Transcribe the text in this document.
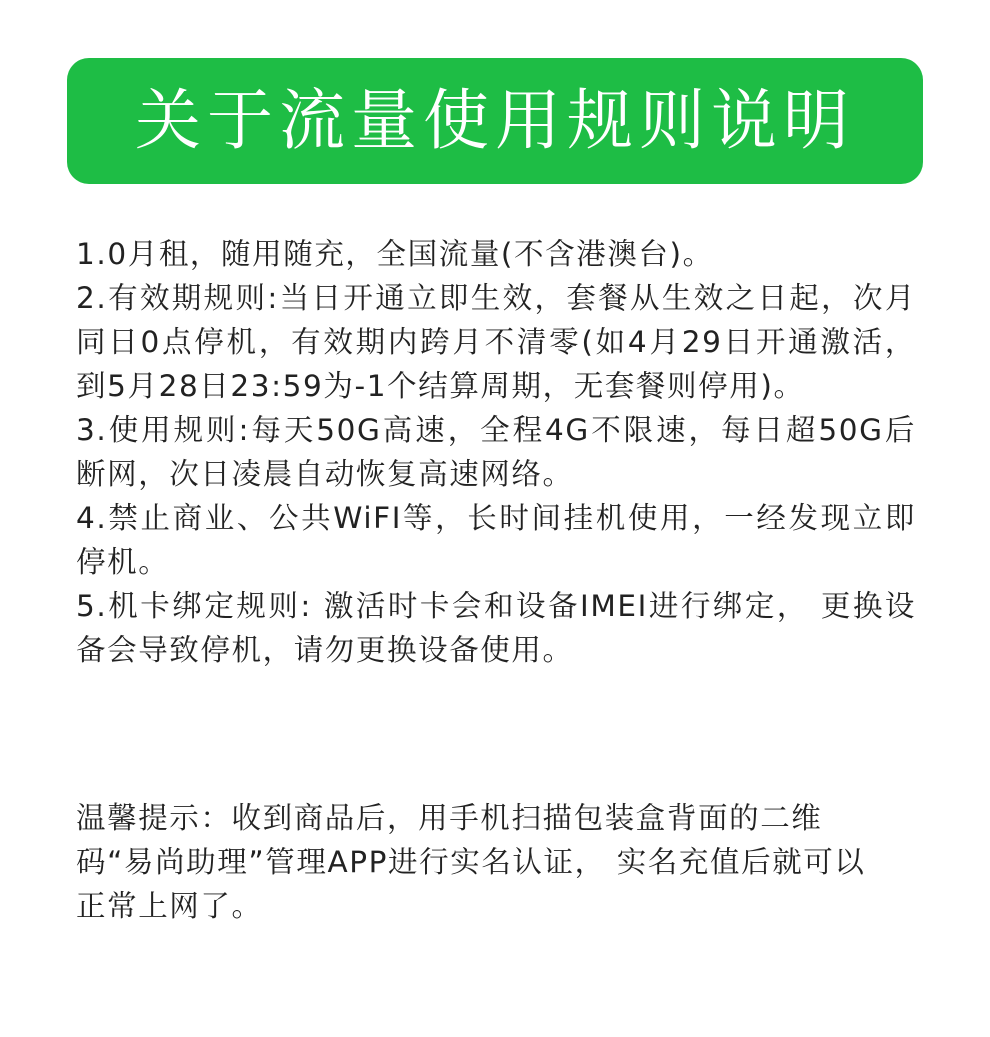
关于流量使用规则说明
1.0月租，随用随充，全国流量(不含港澳台)。
2.有效期规则:当日开通立即生效，套餐从生效之日起，次月同日0点停机，有效期内跨月不清零(如4月29日开通激活，到5月28日23:59为-1个结算周期，无套餐则停用)。
3.使用规则:每天50G高速，全程4G不限速，每日超50G后断网，次日凌晨自动恢复高速网络。
4.禁止商业、公共WiFI等，长时间挂机使用，一经发现立即停机。
5.机卡绑定规则: 激活时卡会和设备IMEI进行绑定， 更换设备会导致停机，请勿更换设备使用。
温馨提示：收到商品后，用手机扫描包装盒背面的二维码“易尚助理”管理APP进行实名认证， 实名充值后就可以正常上网了。
